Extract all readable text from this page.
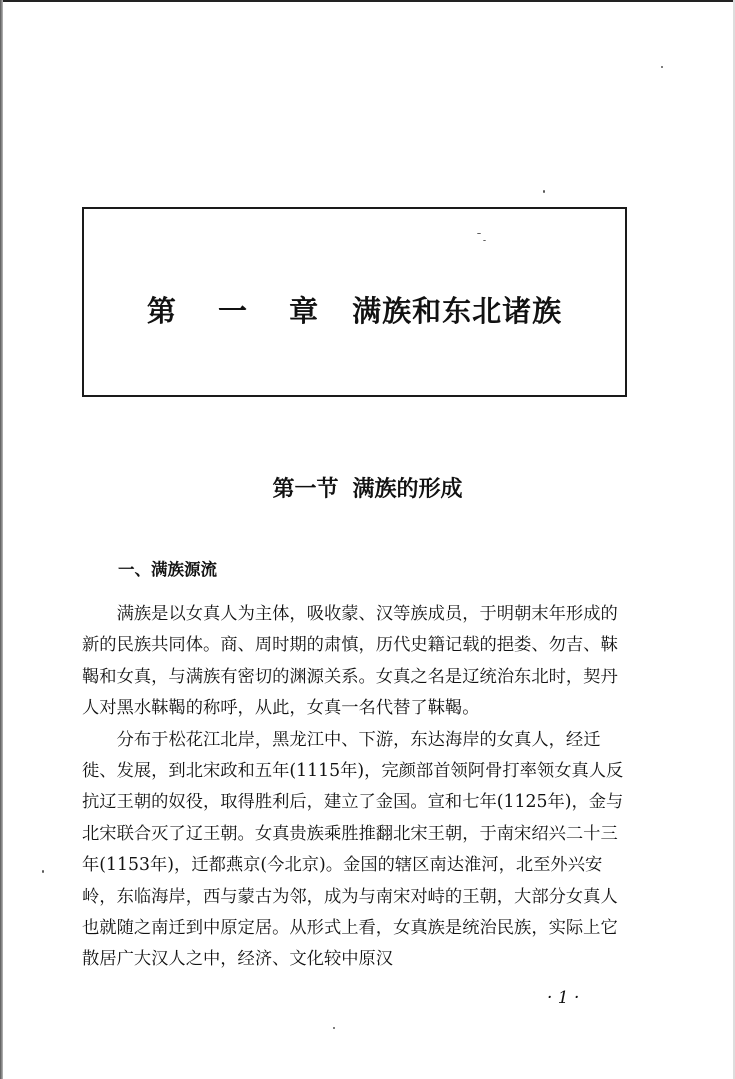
第 一 章 满族和东北诸族
第一节 满族的形成
一、满族源流

满族是以女真人为主体，吸收蒙、汉等族成员，于明朝末年形成的新的民族共同体。商、周时期的肃慎，历代史籍记载的挹娄、勿吉、靺鞨和女真，与满族有密切的渊源关系。女真之名是辽统治东北时，契丹人对黑水靺鞨的称呼，从此，女真一名代替了靺鞨。

分布于松花江北岸，黑龙江中、下游，东达海岸的女真人，经迁徙、发展，到北宋政和五年(1115年)，完颜部首领阿骨打率领女真人反抗辽王朝的奴役，取得胜利后，建立了金国。宣和七年(1125年)，金与北宋联合灭了辽王朝。女真贵族乘胜推翻北宋王朝，于南宋绍兴二十三年(1153年)，迁都燕京(今北京)。金国的辖区南达淮河，北至外兴安岭，东临海岸，西与蒙古为邻，成为与南宋对峙的王朝，大部分女真人也就随之南迁到中原定居。从形式上看，女真族是统治民族，实际上它散居广大汉人之中，经济、文化较中原汉

· 1 ·
